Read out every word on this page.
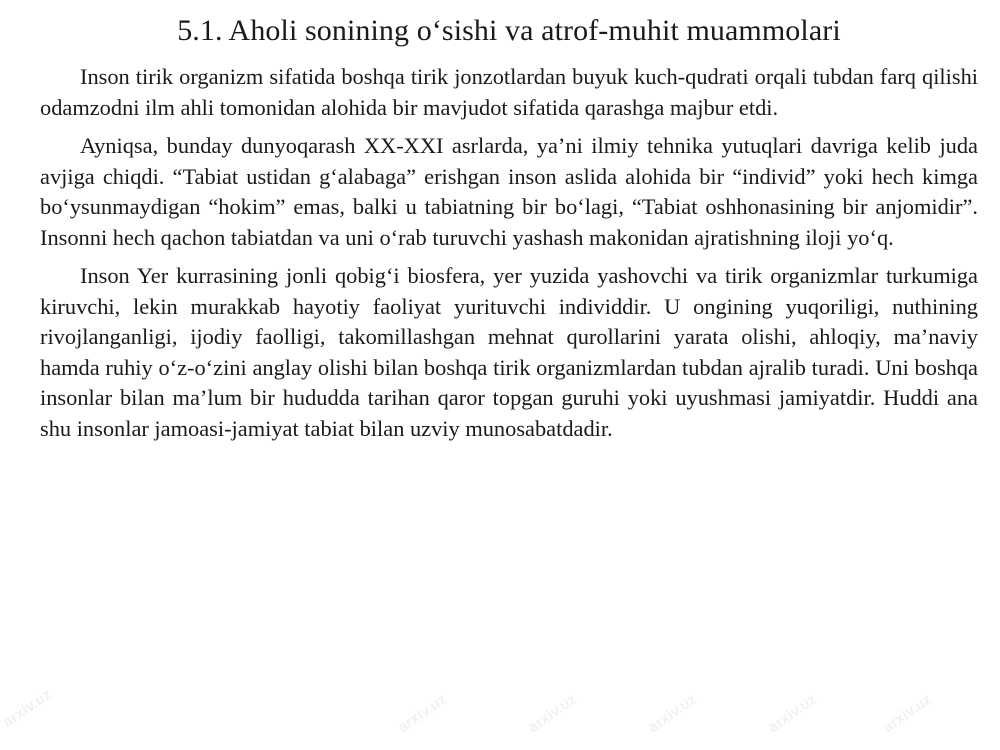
arxiv.uz	arxiv.uz	arxiv.uz	arxiv.uz	arxiv.uz
arxiv.uz
5.1. Aholi sonining o‘sishi va atrof-muhit muammolari

Inson tirik organizm sifatida boshqa tirik jonzotlardan buyuk kuch-qudrati orqali tubdan farq qilishi odamzodni ilm ahli tomonidan alohida bir mavjudot sifatida qarashga majbur etdi.

Ayniqsa, bunday dunyoqarash XX-XXI asrlarda, ya’ni ilmiy tehnika yutuqlari davriga kelib juda avjiga chiqdi. “Tabiat ustidan g‘alabaga” erishgan inson aslida alohida bir “individ” yoki hech kimga bo‘ysunmaydigan “hokim” emas, balki u tabiatning bir bo‘lagi, “Tabiat oshhonasining bir anjomidir”. Insonni hech qachon tabiatdan va uni o‘rab turuvchi yashash makonidan ajratishning iloji yo‘q.

Inson Yer kurrasining jonli qobig‘i biosfera, yer yuzida yashovchi va tirik organizmlar turkumiga kiruvchi, lekin murakkab hayotiy faoliyat yurituvchi individdir. U ongining yuqoriligi, nuthining rivojlanganligi, ijodiy faolligi, takomillashgan mehnat qurollarini yarata olishi, ahloqiy, ma’naviy hamda ruhiy o‘z-o‘zini anglay olishi bilan boshqa tirik organizmlardan tubdan ajralib turadi. Uni boshqa insonlar bilan ma’lum bir hududda tarihan qaror topgan guruhi yoki uyushmasi jamiyatdir. Huddi ana shu insonlar jamoasi-jamiyat tabiat bilan uzviy munosabatdadir.
